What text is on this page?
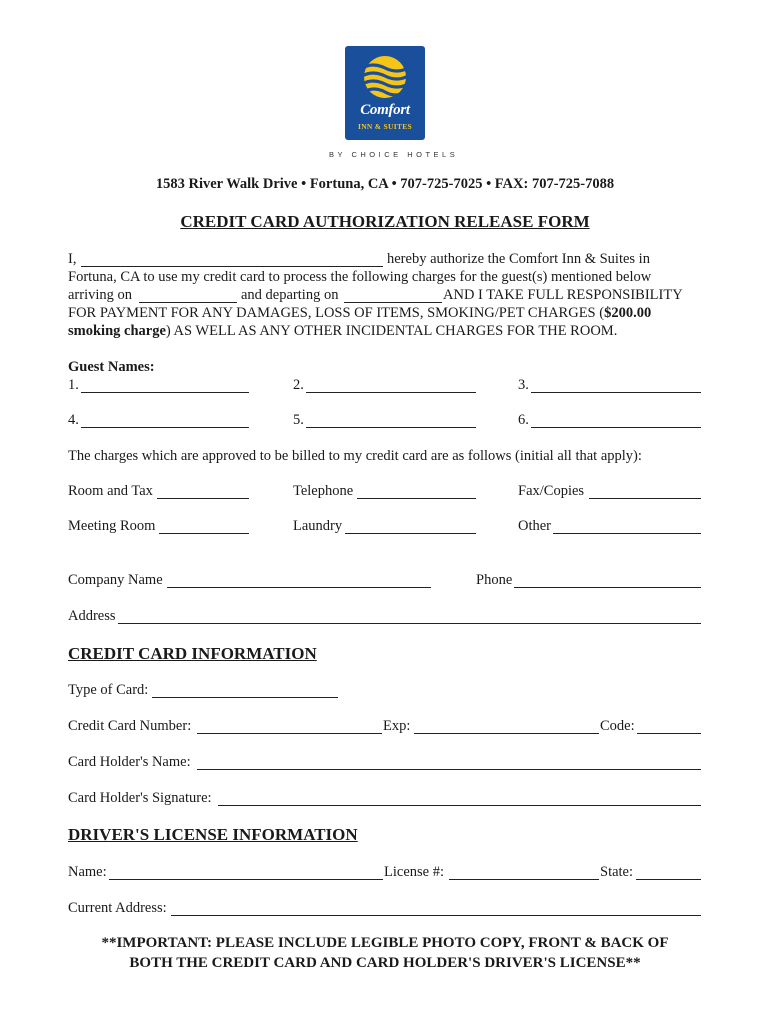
Comfort
INN & SUITES
BY CHOICE HOTELS
1583 River Walk Drive • Fortuna, CA • 707-725-7025 • FAX: 707-725-7088
CREDIT CARD AUTHORIZATION RELEASE FORM
I,	hereby authorize the Comfort Inn & Suites in
Fortuna, CA to use my credit card to process the following charges for the guest(s) mentioned below
arriving on	and departing on	AND I TAKE FULL RESPONSIBILITY
FOR PAYMENT FOR ANY DAMAGES, LOSS OF ITEMS, SMOKING/PET CHARGES ($200.00
smoking charge) AS WELL AS ANY OTHER INCIDENTAL CHARGES FOR THE ROOM.
Guest Names:
1.	2.	3.
4.	5.	6.
The charges which are approved to be billed to my credit card are as follows (initial all that apply):
Room and Tax	Telephone	Fax/Copies
Meeting Room	Laundry	Other
Company Name	Phone
Address
CREDIT CARD INFORMATION
Type of Card:
Credit Card Number:	Exp:	Code:
Card Holder's Name:
Card Holder's Signature:
DRIVER'S LICENSE INFORMATION
Name:	License #:	State:
Current Address:
**IMPORTANT: PLEASE INCLUDE LEGIBLE PHOTO COPY, FRONT & BACK OF
BOTH THE CREDIT CARD AND CARD HOLDER'S DRIVER'S LICENSE**
